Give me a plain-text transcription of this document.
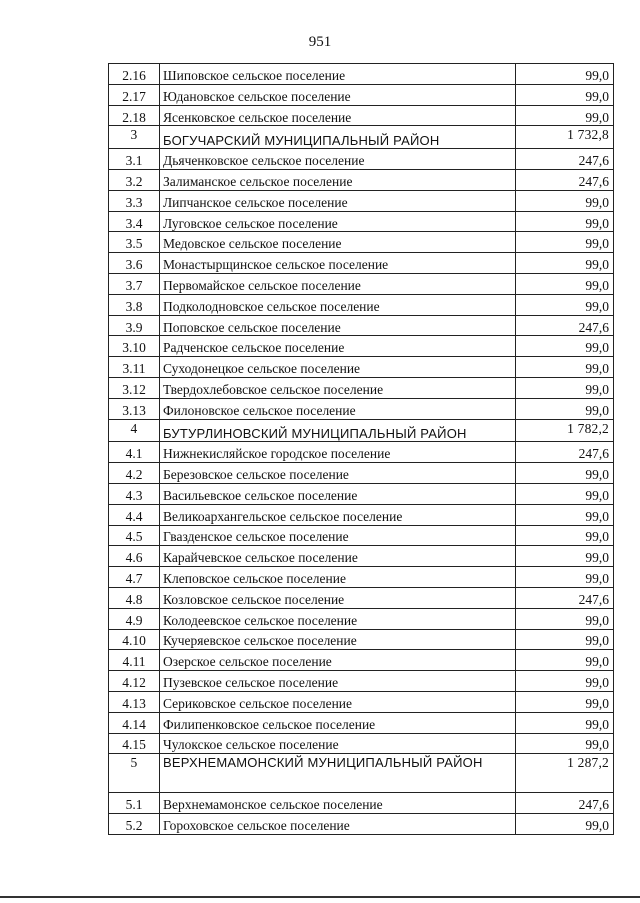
951
2.16	Шиповское сельское поселение	99,0
2.17	Юдановское сельское поселение	99,0
2.18	Ясенковское сельское поселение	99,0
3	БОГУЧАРСКИЙ МУНИЦИПАЛЬНЫЙ РАЙОН	1 732,8
3.1	Дьяченковское сельское поселение	247,6
3.2	Залиманское сельское поселение	247,6
3.3	Липчанское сельское поселение	99,0
3.4	Луговское сельское поселение	99,0
3.5	Медовское сельское поселение	99,0
3.6	Монастырщинское сельское поселение	99,0
3.7	Первомайское сельское поселение	99,0
3.8	Подколодновское сельское поселение	99,0
3.9	Поповское сельское поселение	247,6
3.10	Радченское сельское поселение	99,0
3.11	Суходонецкое сельское поселение	99,0
3.12	Твердохлебовское сельское поселение	99,0
3.13	Филоновское сельское поселение	99,0
4	БУТУРЛИНОВСКИЙ МУНИЦИПАЛЬНЫЙ РАЙОН	1 782,2
4.1	Нижнекисляйское городское поселение	247,6
4.2	Березовское сельское поселение	99,0
4.3	Васильевское сельское поселение	99,0
4.4	Великоархангельское сельское поселение	99,0
4.5	Гвазденское сельское поселение	99,0
4.6	Карайчевское сельское поселение	99,0
4.7	Клеповское сельское поселение	99,0
4.8	Козловское сельское поселение	247,6
4.9	Колодеевское сельское поселение	99,0
4.10	Кучеряевское сельское поселение	99,0
4.11	Озерское сельское поселение	99,0
4.12	Пузевское сельское поселение	99,0
4.13	Сериковское сельское поселение	99,0
4.14	Филипенковское сельское поселение	99,0
4.15	Чулокское сельское поселение	99,0
5	ВЕРХНЕМАМОНСКИЙ МУНИЦИПАЛЬНЫЙ РАЙОН	1 287,2
5.1	Верхнемамонское сельское поселение	247,6
5.2	Гороховское сельское поселение	99,0
